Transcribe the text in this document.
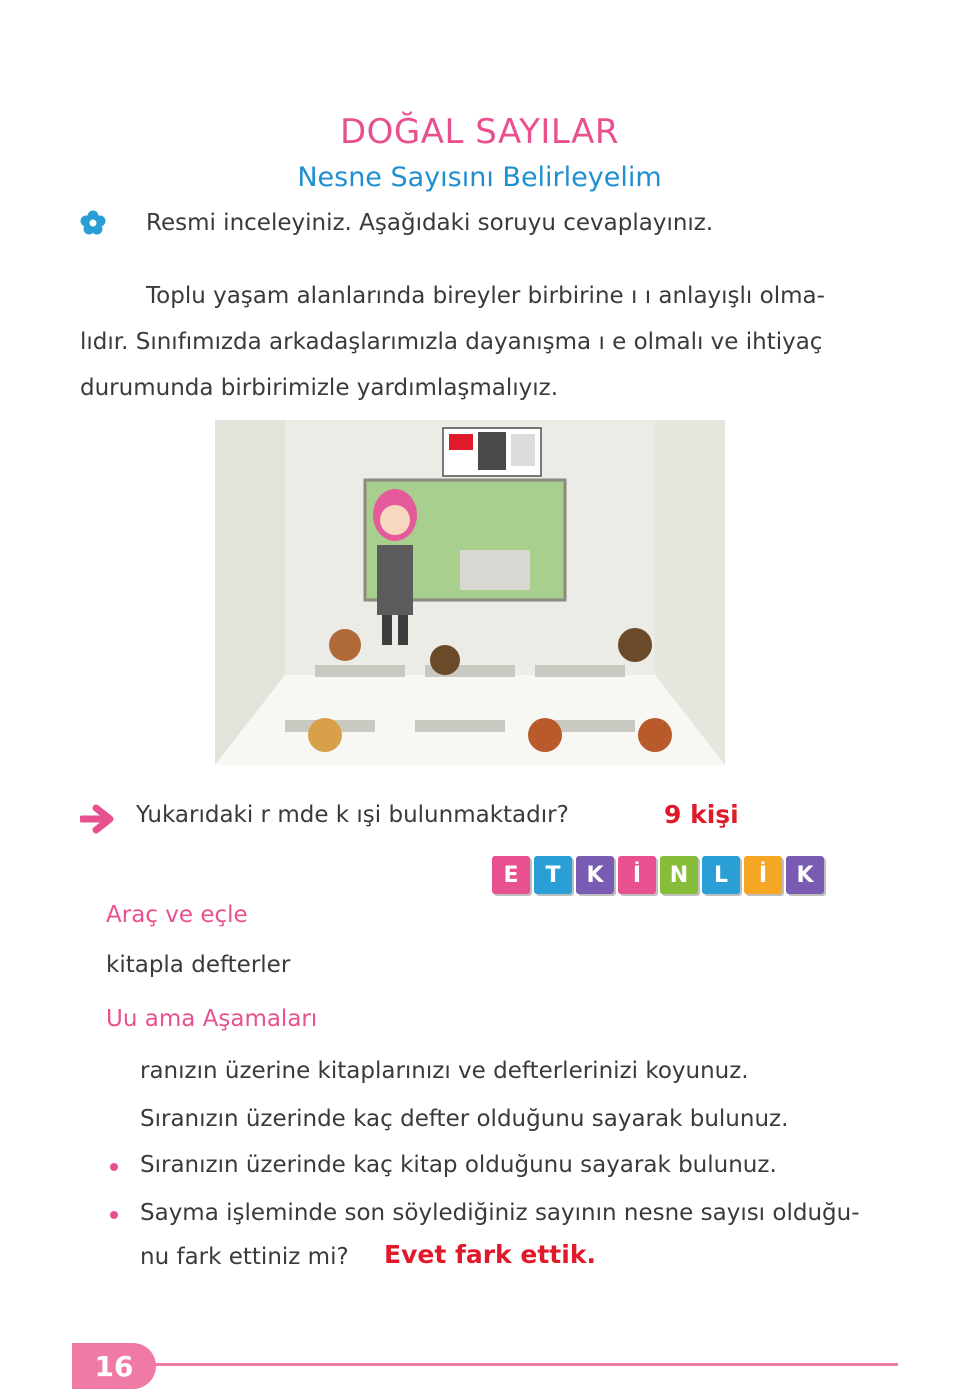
DOĞAL SAYILAR
Nesne Sayısını Belirleyelim
Resmi inceleyiniz. Aşağıdaki soruyu cevaplayınız.
Toplu yaşam alanlarında bireyler birbirine ı ı anlayışlı olma-
lıdır. Sınıfımızda arkadaşlarımızla dayanışma ı e olmalı ve ihtiyaç
durumunda birbirimizle yardımlaşmalıyız.
Yukarıdaki r mde k ışi bulunmaktadır?	9 kişi
E	T	K	İ	N	L	İ	K
Araç ve eçle
kitapla defterler
Uu ama Aşamaları
ranızın üzerine kitaplarınızı ve defterlerinizi koyunuz.
Sıranızın üzerinde kaç defter olduğunu sayarak bulunuz.
Sıranızın üzerinde kaç kitap olduğunu sayarak bulunuz.
Sayma işleminde son söylediğiniz sayının nesne sayısı olduğu-
nu fark ettiniz mi? Evet fark ettik.
16
